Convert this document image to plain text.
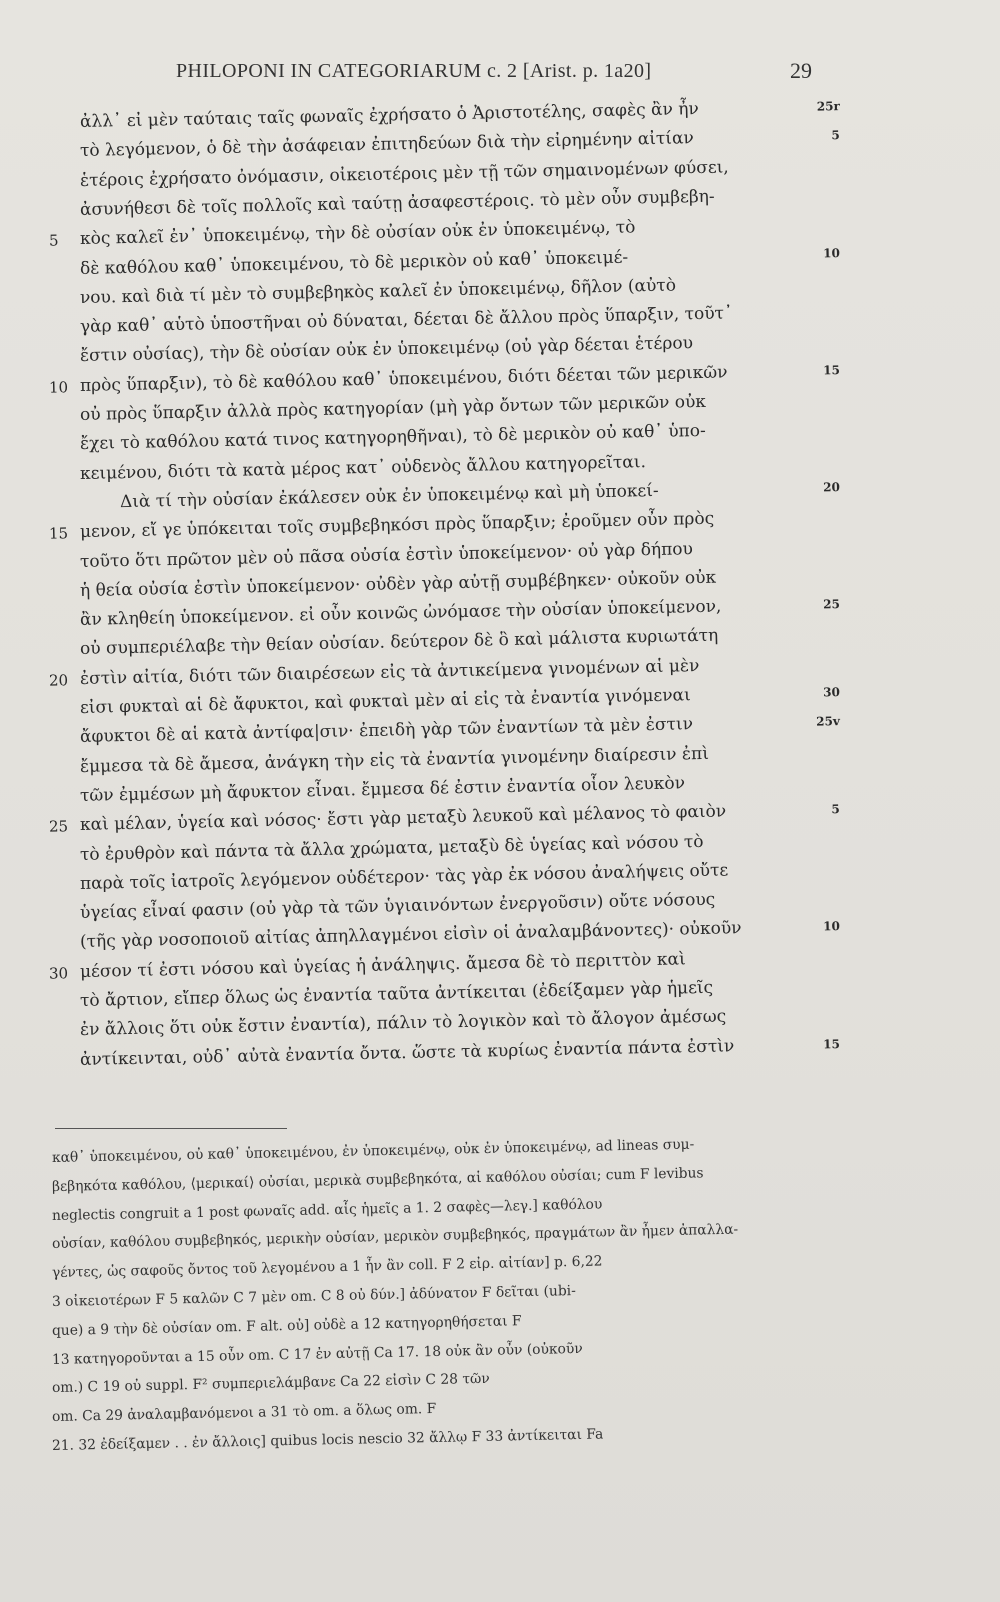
PHILOPONI IN CATEGORIARUM c. 2 [Arist. p. 1a20]	29
ἀλλ᾽ εἰ μὲν ταύταις ταῖς φωναῖς ἐχρήσατο ὁ Ἀριστοτέλης, σαφὲς ἂν ἦν	25r
τὸ λεγόμενον, ὁ δὲ τὴν ἀσάφειαν ἐπιτηδεύων διὰ τὴν εἰρημένην αἰτίαν	5
ἑτέροις ἐχρήσατο ὀνόμασιν, οἰκειοτέροις μὲν τῇ τῶν σημαινομένων φύσει,
ἀσυνήθεσι δὲ τοῖς πολλοῖς καὶ ταύτῃ ἀσαφεστέροις. τὸ μὲν οὖν συμβεβη-
κὸς καλεῖ ἐν᾽ ὑποκειμένῳ, τὴν δὲ οὐσίαν οὐκ ἐν ὑποκειμένῳ, τὸ
5
δὲ καθόλου καθ᾽ ὑποκειμένου, τὸ δὲ μερικὸν οὐ καθ᾽ ὑποκειμέ-	10
νου. καὶ διὰ τί μὲν τὸ συμβεβηκὸς καλεῖ ἐν ὑποκειμένῳ, δῆλον (αὐτὸ
γὰρ καθ᾽ αὑτὸ ὑποστῆναι οὐ δύναται, δέεται δὲ ἄλλου πρὸς ὕπαρξιν, τοῦτ᾽
ἔστιν οὐσίας), τὴν δὲ οὐσίαν οὐκ ἐν ὑποκειμένῳ (οὐ γὰρ δέεται ἑτέρου
πρὸς ὕπαρξιν), τὸ δὲ καθόλου καθ᾽ ὑποκειμένου, διότι δέεται τῶν μερικῶν
10
15
οὐ πρὸς ὕπαρξιν ἀλλὰ πρὸς κατηγορίαν (μὴ γὰρ ὄντων τῶν μερικῶν οὐκ
ἔχει τὸ καθόλου κατά τινος κατηγορηθῆναι), τὸ δὲ μερικὸν οὐ καθ᾽ ὑπο-
κειμένου, διότι τὰ κατὰ μέρος κατ᾽ οὐδενὸς ἄλλου κατηγορεῖται.
Διὰ τί τὴν οὐσίαν ἐκάλεσεν οὐκ ἐν ὑποκειμένῳ καὶ μὴ ὑποκεί-	20
μενον, εἴ γε ὑπόκειται τοῖς συμβεβηκόσι πρὸς ὕπαρξιν; ἐροῦμεν οὖν πρὸς
15
τοῦτο ὅτι πρῶτον μὲν οὐ πᾶσα οὐσία ἐστὶν ὑποκείμενον· οὐ γὰρ δήπου
ἡ θεία οὐσία ἐστὶν ὑποκείμενον· οὐδὲν γὰρ αὐτῇ συμβέβηκεν· οὐκοῦν οὐκ
ἂν κληθείη ὑποκείμενον. εἰ οὖν κοινῶς ὠνόμασε τὴν οὐσίαν ὑποκείμενον,	25
οὐ συμπεριέλαβε τὴν θείαν οὐσίαν. δεύτερον δὲ ὃ καὶ μάλιστα κυριωτάτη
ἐστὶν αἰτία, διότι τῶν διαιρέσεων εἰς τὰ ἀντικείμενα γινομένων αἱ μὲν
20
εἰσι φυκταὶ αἱ δὲ ἄφυκτοι, καὶ φυκταὶ μὲν αἱ εἰς τὰ ἐναντία γινόμεναι	30
ἄφυκτοι δὲ αἱ κατὰ ἀντίφα|σιν· ἐπειδὴ γὰρ τῶν ἐναντίων τὰ μὲν ἐστιν	25v
ἔμμεσα τὰ δὲ ἄμεσα, ἀνάγκη τὴν εἰς τὰ ἐναντία γινομένην διαίρεσιν ἐπὶ
τῶν ἐμμέσων μὴ ἄφυκτον εἶναι. ἔμμεσα δέ ἐστιν ἐναντία οἷον λευκὸν
καὶ μέλαν, ὑγεία καὶ νόσος· ἔστι γὰρ μεταξὺ λευκοῦ καὶ μέλανος τὸ φαιὸν
25
5
τὸ ἐρυθρὸν καὶ πάντα τὰ ἄλλα χρώματα, μεταξὺ δὲ ὑγείας καὶ νόσου τὸ
παρὰ τοῖς ἰατροῖς λεγόμενον οὐδέτερον· τὰς γὰρ ἐκ νόσου ἀναλήψεις οὔτε
ὑγείας εἶναί φασιν (οὐ γὰρ τὰ τῶν ὑγιαινόντων ἐνεργοῦσιν) οὔτε νόσους
(τῆς γὰρ νοσοποιοῦ αἰτίας ἀπηλλαγμένοι εἰσὶν οἱ ἀναλαμβάνοντες)· οὐκοῦν	10
μέσον τί ἐστι νόσου καὶ ὑγείας ἡ ἀνάληψις. ἄμεσα δὲ τὸ περιττὸν καὶ
30
τὸ ἄρτιον, εἴπερ ὅλως ὡς ἐναντία ταῦτα ἀντίκειται (ἐδείξαμεν γὰρ ἡμεῖς
ἐν ἄλλοις ὅτι οὐκ ἔστιν ἐναντία), πάλιν τὸ λογικὸν καὶ τὸ ἄλογον ἀμέσως
ἀντίκεινται, οὐδ᾽ αὐτὰ ἐναντία ὄντα. ὥστε τὰ κυρίως ἐναντία πάντα ἐστὶν	15
καθ᾽ ὑποκειμένου, οὐ καθ᾽ ὑποκειμένου, ἐν ὑποκειμένῳ, οὐκ ἐν ὑποκειμένῳ, ad lineas συμ-
βεβηκότα καθόλου, ⟨μερικαί⟩ οὐσίαι, μερικὰ συμβεβηκότα, αἱ καθόλου οὐσίαι; cum F levibus
neglectis congruit a 1 post φωναῖς add. αἷς ἡμεῖς a 1. 2 σαφὲς—λεγ.] καθόλου
οὐσίαν, καθόλου συμβεβηκός, μερικὴν οὐσίαν, μερικὸν συμβεβηκός, πραγμάτων ἂν ἦμεν ἀπαλλα-
γέντες, ὡς σαφοῦς ὄντος τοῦ λεγομένου a 1 ἦν ἂν coll. F 2 εἰρ. αἰτίαν] p. 6,22
3 οἰκειοτέρων F 5 καλῶν C 7 μὲν om. C 8 οὐ δύν.] ἀδύνατον F δεῖται (ubi-
que) a 9 τὴν δὲ οὐσίαν om. F alt. οὐ] οὐδὲ a 12 κατηγορηθήσεται F
13 κατηγοροῦνται a 15 οὖν om. C 17 ἐν αὐτῇ Ca 17. 18 οὐκ ἂν οὖν (οὐκοῦν
om.) C 19 οὐ suppl. F² συμπεριελάμβανε Ca 22 εἰσὶν C 28 τῶν
om. Ca 29 ἀναλαμβανόμενοι a 31 τὸ om. a ὅλως om. F
21. 32 ἐδείξαμεν . . ἐν ἄλλοις] quibus locis nescio 32 ἄλλῳ F 33 ἀντίκειται Fa
